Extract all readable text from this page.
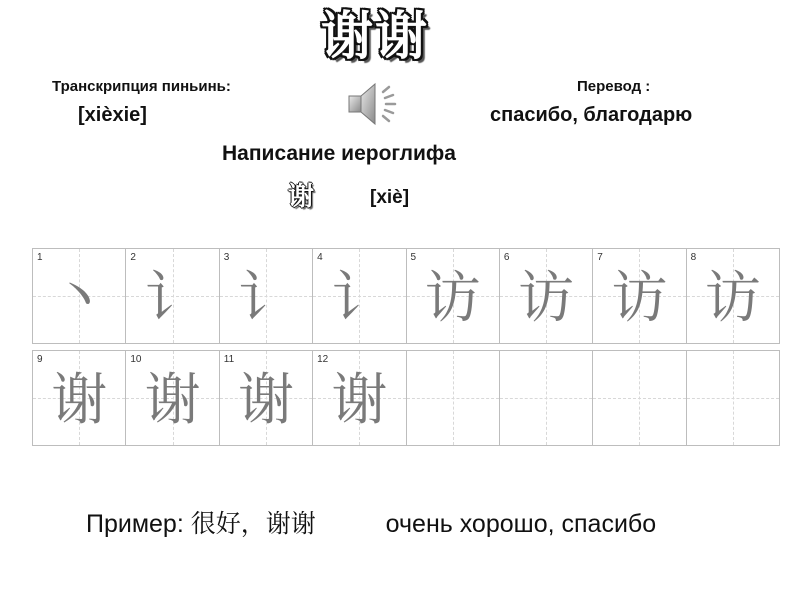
谢谢
Транскрипция пиньинь:
[xièxie]
Перевод :
спасибо, благодарю
Написание иероглифа
谢	[xiè]
1
丶
2
讠
3
讠
4
讠
5
访
6
访
7
访
8
访
9
谢
10
谢
11
谢
12
谢
Пример: 很好，谢谢	очень хорошо, спасибо
